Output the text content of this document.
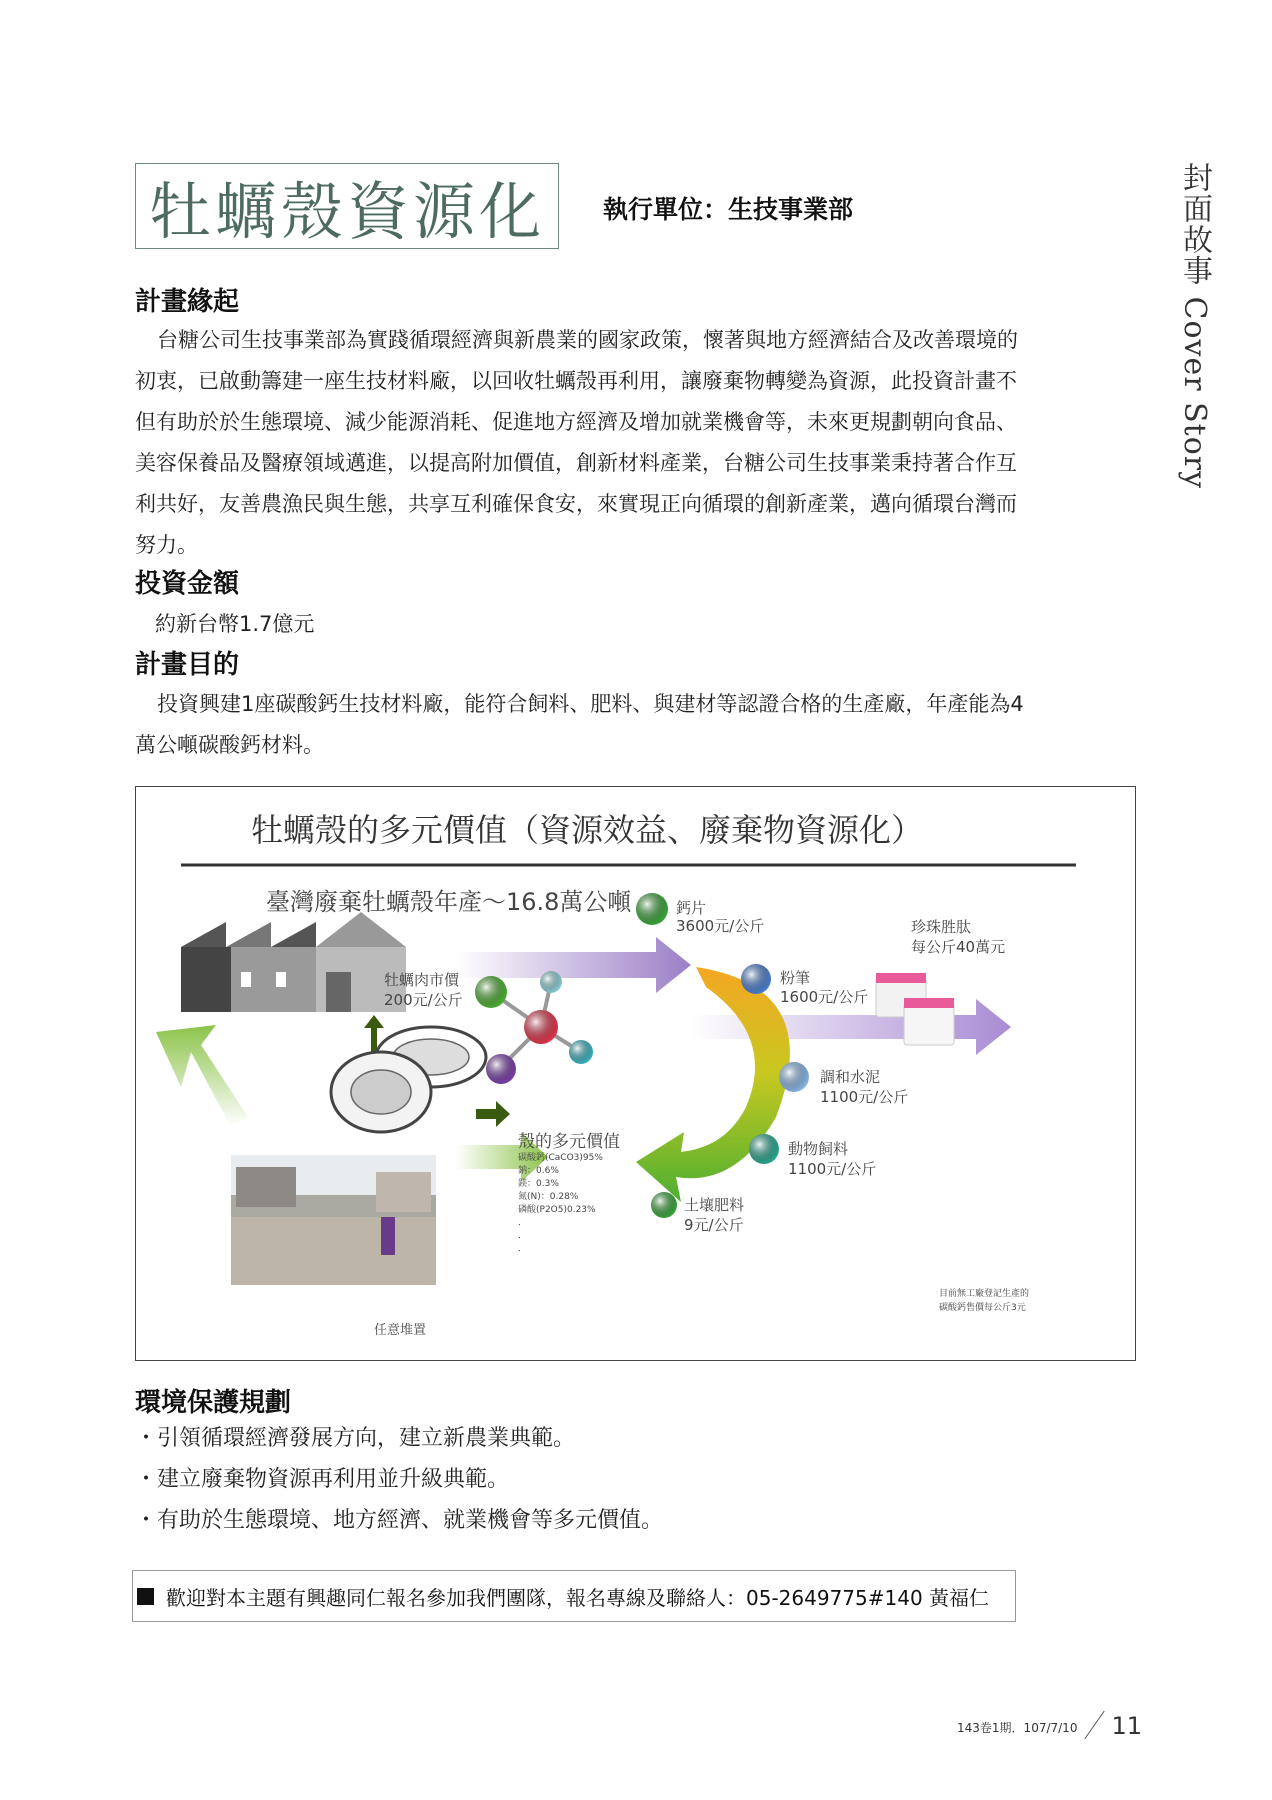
牡蠣殼資源化 執行單位：生技事業部	封面故事 Cover Story
計畫緣起
台糖公司生技事業部為實踐循環經濟與新農業的國家政策，懷著與地方經濟結合及改善環境的
初衷，已啟動籌建一座生技材料廠，以回收牡蠣殼再利用，讓廢棄物轉變為資源，此投資計畫不
但有助於於生態環境、減少能源消耗、促進地方經濟及增加就業機會等，未來更規劃朝向食品、
美容保養品及醫療領域邁進，以提高附加價值，創新材料產業，台糖公司生技事業秉持著合作互
利共好，友善農漁民與生態，共享互利確保食安，來實現正向循環的創新產業，邁向循環台灣而
努力。
投資金額
約新台幣1.7億元
計畫目的
投資興建1座碳酸鈣生技材料廠，能符合飼料、肥料、與建材等認證合格的生產廠，年產能為4
萬公噸碳酸鈣材料。
牡蠣殼的多元價值（資源效益、廢棄物資源化）
臺灣廢棄牡蠣殼年產～16.8萬公噸
牡蠣肉市價
200元/公斤
殼的多元價值
碳酸鈣(CaCO3)95%
鈉：0.6%
鎂：0.3%
氮(N)：0.28%
磷酸(P2O5)0.23%
．
．
．
任意堆置
鈣片
3600元/公斤
粉筆
1600元/公斤
調和水泥
1100元/公斤
動物飼料
1100元/公斤
土壤肥料
9元/公斤
珍珠胜肽
每公斤40萬元
目前無工廠登記生產的
碳酸鈣售價每公斤3元
環境保護規劃
・引領循環經濟發展方向，建立新農業典範。
・建立廢棄物資源再利用並升級典範。
・有助於生態環境、地方經濟、就業機會等多元價值。
歡迎對本主題有興趣同仁報名參加我們團隊，報名專線及聯絡人：05-2649775#140 黃福仁
143卷1期．107/7/10 11
